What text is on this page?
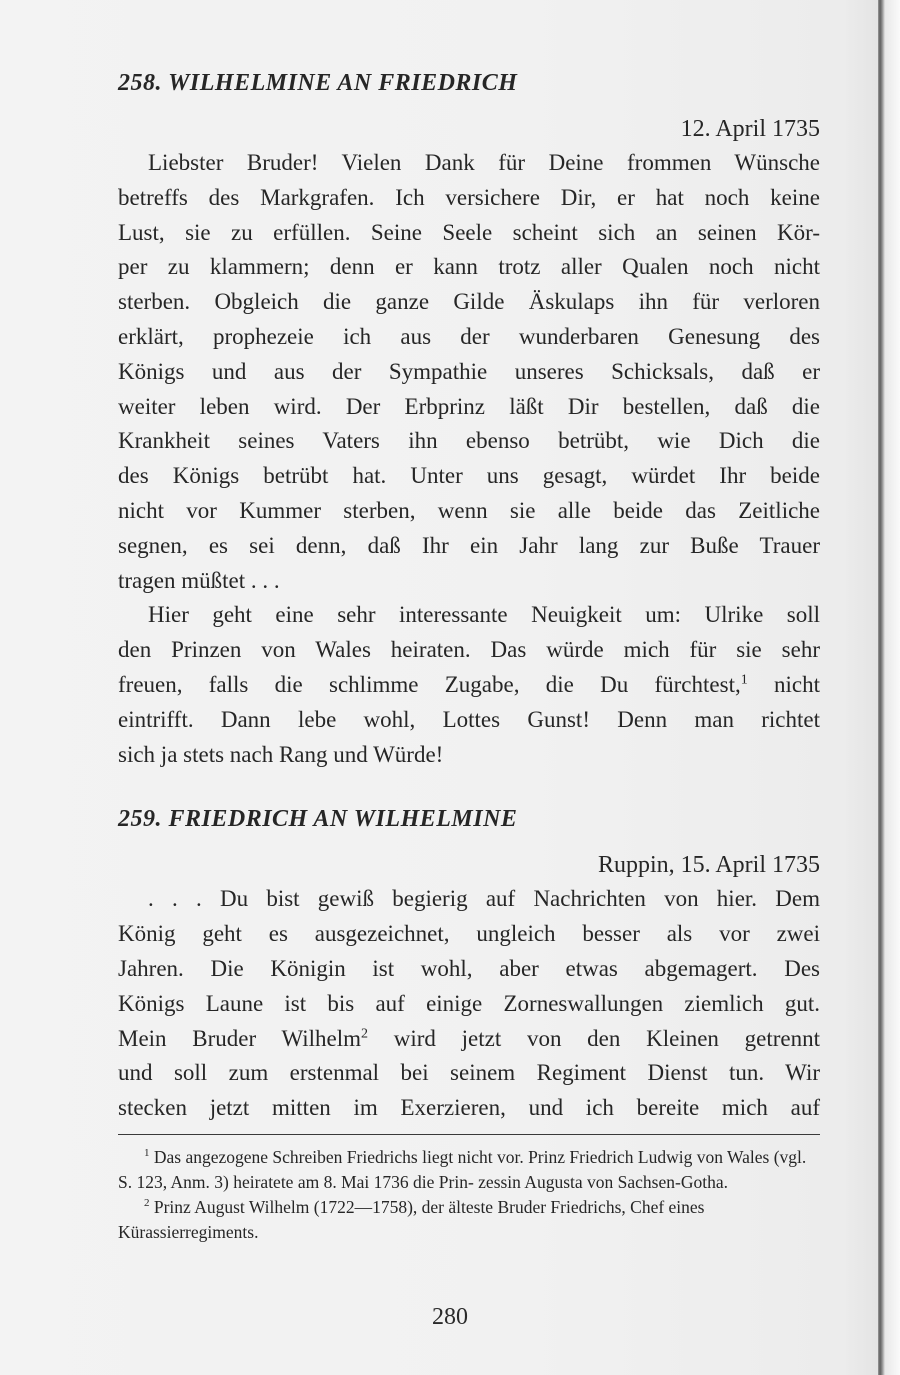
258. WILHELMINE AN FRIEDRICH
12. April 1735

Liebster Bruder! Vielen Dank für Deine frommen Wünsche
betreffs des Markgrafen. Ich versichere Dir, er hat noch keine
Lust, sie zu erfüllen. Seine Seele scheint sich an seinen Kör-
per zu klammern; denn er kann trotz aller Qualen noch nicht
sterben. Obgleich die ganze Gilde Äskulaps ihn für verloren
erklärt, prophezeie ich aus der wunderbaren Genesung des
Königs und aus der Sympathie unseres Schicksals, daß er
weiter leben wird. Der Erbprinz läßt Dir bestellen, daß die
Krankheit seines Vaters ihn ebenso betrübt, wie Dich die
des Königs betrübt hat. Unter uns gesagt, würdet Ihr beide
nicht vor Kummer sterben, wenn sie alle beide das Zeitliche
segnen, es sei denn, daß Ihr ein Jahr lang zur Buße Trauer
tragen müßtet . . .

Hier geht eine sehr interessante Neuigkeit um: Ulrike soll
den Prinzen von Wales heiraten. Das würde mich für sie sehr
freuen, falls die schlimme Zugabe, die Du fürchtest,$^1$ nicht
eintrifft. Dann lebe wohl, Lottes Gunst! Denn man richtet
sich ja stets nach Rang und Würde!

259. FRIEDRICH AN WILHELMINE
Ruppin, 15. April 1735

. . . Du bist gewiß begierig auf Nachrichten von hier. Dem
König geht es ausgezeichnet, ungleich besser als vor zwei
Jahren. Die Königin ist wohl, aber etwas abgemagert. Des
Königs Laune ist bis auf einige Zorneswallungen ziemlich gut.
Mein Bruder Wilhelm$^2$ wird jetzt von den Kleinen getrennt
und soll zum erstenmal bei seinem Regiment Dienst tun. Wir
stecken jetzt mitten im Exerzieren, und ich bereite mich auf

$^1$ Das angezogene Schreiben Friedrichs liegt nicht vor. Prinz Friedrich Ludwig von Wales (vgl. S. 123, Anm. 3) heiratete am 8. Mai 1736 die Prin- zessin Augusta von Sachsen-Gotha.

$^2$ Prinz August Wilhelm (1722—1758), der älteste Bruder Friedrichs, Chef eines Kürassierregiments.

280
